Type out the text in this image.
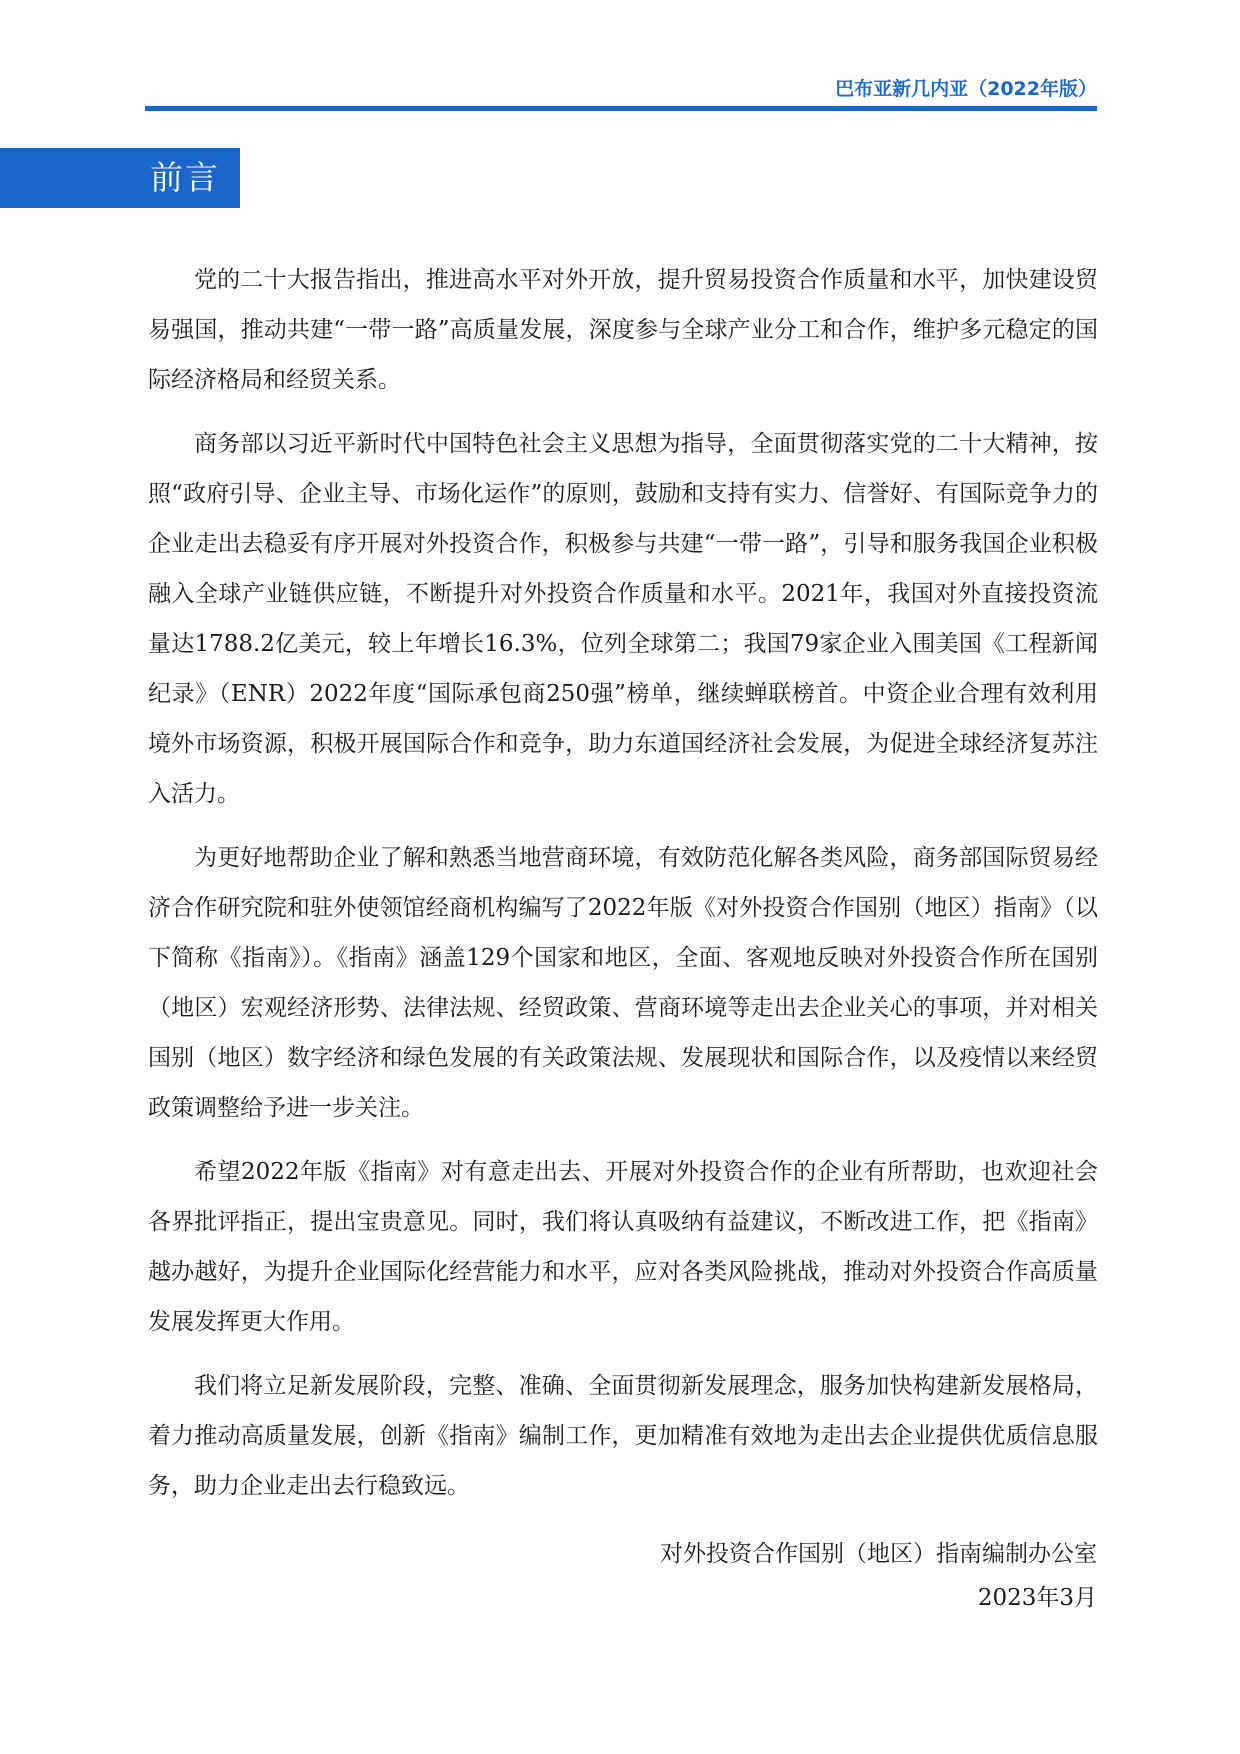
巴布亚新几内亚（2022年版）
前言

党的二十大报告指出，推进高水平对外开放，提升贸易投资合作质量和水平，加快建设贸易强国，推动共建“一带一路”高质量发展，深度参与全球产业分工和合作，维护多元稳定的国际经济格局和经贸关系。

商务部以习近平新时代中国特色社会主义思想为指导，全面贯彻落实党的二十大精神，按照“政府引导、企业主导、市场化运作”的原则，鼓励和支持有实力、信誉好、有国际竞争力的企业走出去稳妥有序开展对外投资合作，积极参与共建“一带一路”，引导和服务我国企业积极融入全球产业链供应链，不断提升对外投资合作质量和水平。2021年，我国对外直接投资流量达1788.2亿美元，较上年增长16.3%，位列全球第二；我国79家企业入围美国《工程新闻纪录》（ENR）2022年度“国际承包商250强”榜单，继续蝉联榜首。中资企业合理有效利用境外市场资源，积极开展国际合作和竞争，助力东道国经济社会发展，为促进全球经济复苏注入活力。

为更好地帮助企业了解和熟悉当地营商环境，有效防范化解各类风险，商务部国际贸易经济合作研究院和驻外使领馆经商机构编写了2022年版《对外投资合作国别（地区）指南》（以下简称《指南》）。《指南》涵盖129个国家和地区，全面、客观地反映对外投资合作所在国别（地区）宏观经济形势、法律法规、经贸政策、营商环境等走出去企业关心的事项，并对相关国别（地区）数字经济和绿色发展的有关政策法规、发展现状和国际合作，以及疫情以来经贸政策调整给予进一步关注。

希望2022年版《指南》对有意走出去、开展对外投资合作的企业有所帮助，也欢迎社会各界批评指正，提出宝贵意见。同时，我们将认真吸纳有益建议，不断改进工作，把《指南》越办越好，为提升企业国际化经营能力和水平，应对各类风险挑战，推动对外投资合作高质量发展发挥更大作用。

我们将立足新发展阶段，完整、准确、全面贯彻新发展理念，服务加快构建新发展格局，着力推动高质量发展，创新《指南》编制工作，更加精准有效地为走出去企业提供优质信息服务，助力企业走出去行稳致远。

对外投资合作国别（地区）指南编制办公室
2023年3月
